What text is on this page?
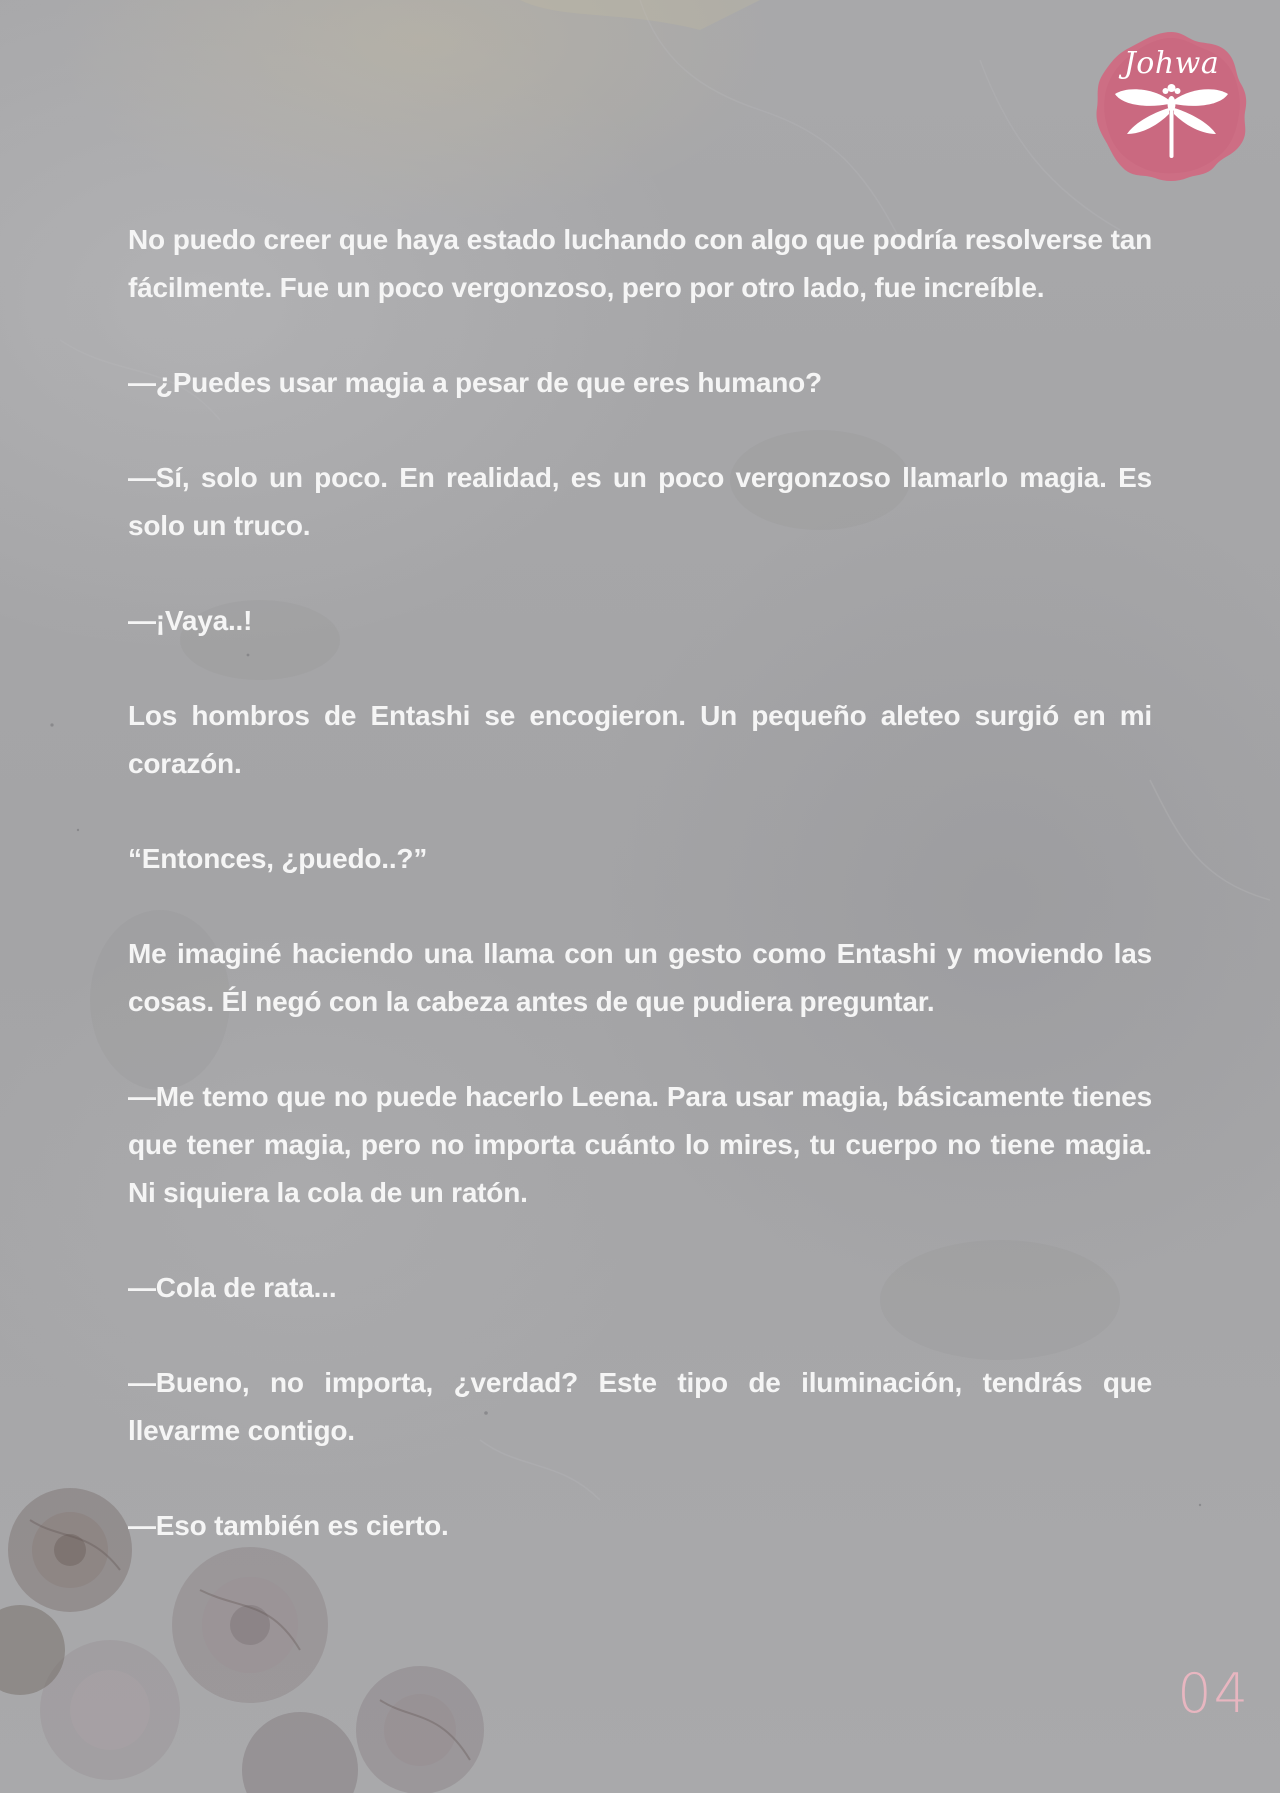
Johwa

No puedo creer que haya estado luchando con algo que podría resolverse tan fácilmente. Fue un poco vergonzoso, pero por otro lado, fue increíble.

—¿Puedes usar magia a pesar de que eres humano?

—Sí, solo un poco. En realidad, es un poco vergonzoso llamarlo magia. Es solo un truco.

—¡Vaya..!

Los hombros de Entashi se encogieron. Un pequeño aleteo surgió en mi corazón.

“Entonces, ¿puedo..?”

Me imaginé haciendo una llama con un gesto como Entashi y moviendo las cosas. Él negó con la cabeza antes de que pudiera preguntar.

—Me temo que no puede hacerlo Leena. Para usar magia, básicamente tienes que tener magia, pero no importa cuánto lo mires, tu cuerpo no tiene magia. Ni siquiera la cola de un ratón.

—Cola de rata...

—Bueno, no importa, ¿verdad? Este tipo de iluminación, tendrás que llevarme contigo.

—Eso también es cierto.

04
